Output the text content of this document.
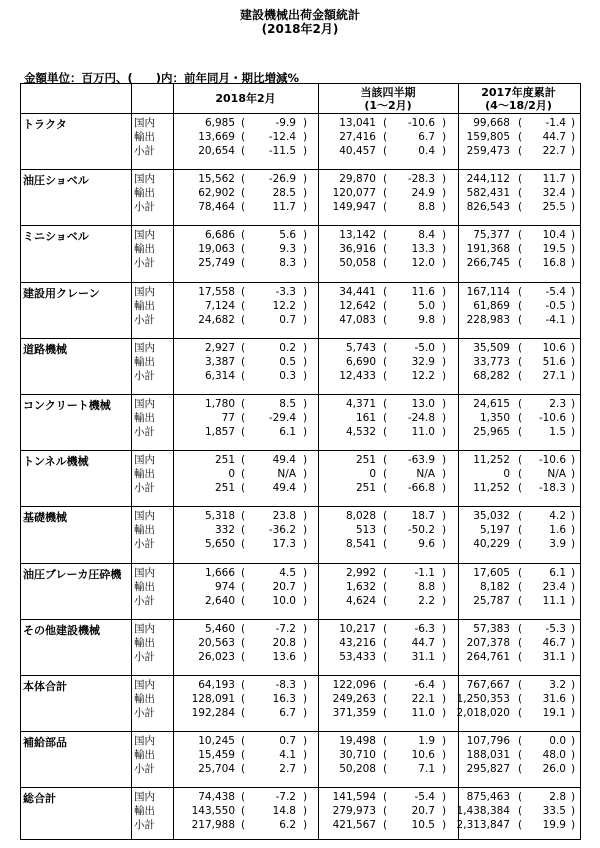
建設機械出荷金額統計
(2018年2月)
金額単位：百万円、(　　)内：前年同月・期比増減%
2018年2月	当該四半期
(1～2月)
2017年度累計
(4～18/2月)
トラクタ	国内	6,985 (	-9.9 )	13,041 ( -10.6 )	99,668 ( -1.4 )
輸出	13,669 ( -12.4 )	27,416 (	6.7 ) 159,805 ( 44.7 )
小計	20,654 ( -11.5 )	40,457 (	0.4 ) 259,473 ( 22.7 )
油圧ショベル	国内	15,562 ( -26.9 )	29,870 ( -28.3 ) 244,112 ( 11.7 )
輸出	62,902 (	28.5 ) 120,077 ( 24.9 ) 582,431 ( 32.4 )
小計	78,464 (	11.7 ) 149,947 (	8.8 ) 826,543 ( 25.5 )
ミニショベル	国内	6,686 (	5.6 )	13,142 (	8.4 )	75,377 ( 10.4 )
輸出	19,063 (	9.3 )	36,916 ( 13.3 ) 191,368 ( 19.5 )
小計	25,749 (	8.3 )	50,058 ( 12.0 ) 266,745 ( 16.8 )
建設用クレーン	国内	17,558 (	-3.3 )	34,441 ( 11.6 ) 167,114 ( -5.4 )
輸出	7,124 (	12.2 )	12,642 (	5.0 )	61,869 ( -0.5 )
小計	24,682 (	0.7 )	47,083 (	9.8 ) 228,983 ( -4.1 )
道路機械	国内	2,927 (	0.2 )	5,743 (	-5.0 )	35,509 ( 10.6 )
輸出	3,387 (	0.5 )	6,690 ( 32.9 )	33,773 ( 51.6 )
小計	6,314 (	0.3 )	12,433 ( 12.2 )	68,282 ( 27.1 )
コンクリート機械 国内	1,780 (	8.5 )	4,371 ( 13.0 )	24,615 (	2.3 )
輸出	77 ( -29.4 )	161 ( -24.8 )	1,350 ( -10.6 )
小計	1,857 (	6.1 )	4,532 ( 11.0 )	25,965 (	1.5 )
トンネル機械	国内	251 (	49.4 )	251 ( -63.9 )	11,252 ( -10.6 )
輸出	0 (	N/A )	0 (	N/A )	0 ( N/A )
小計	251 (	49.4 )	251 ( -66.8 )	11,252 ( -18.3 )
基礎機械	国内	5,318 (	23.8 )	8,028 ( 18.7 )	35,032 (	4.2 )
輸出	332 ( -36.2 )	513 ( -50.2 )	5,197 (	1.6 )
小計	5,650 (	17.3 )	8,541 (	9.6 )	40,229 (	3.9 )
油圧ブレーカ圧砕機 国内	1,666 (	4.5 )	2,992 (	-1.1 )	17,605 (	6.1 )
輸出	974 (	20.7 )	1,632 (	8.8 )	8,182 ( 23.4 )
小計	2,640 (	10.0 )	4,624 (	2.2 )	25,787 ( 11.1 )
その他建設機械	国内	5,460 (	-7.2 )	10,217 (	-6.3 )	57,383 ( -5.3 )
輸出	20,563 (	20.8 )	43,216 ( 44.7 ) 207,378 ( 46.7 )
小計	26,023 (	13.6 )	53,433 ( 31.1 ) 264,761 ( 31.1 )
本体合計	国内	64,193 (	-8.3 ) 122,096 (	-6.4 ) 767,667 (	3.2 )
輸出	128,091 (	16.3 ) 249,263 ( 22.1 ) 1,250,353 ( 31.6 )
小計	192,284 (	6.7 ) 371,359 ( 11.0 ) 2,018,020 ( 19.1 )
補給部品	国内	10,245 (	0.7 )	19,498 (	1.9 ) 107,796 (	0.0 )
輸出	15,459 (	4.1 )	30,710 ( 10.6 ) 188,031 ( 48.0 )
小計	25,704 (	2.7 )	50,208 (	7.1 ) 295,827 ( 26.0 )
総合計	国内	74,438 (	-7.2 ) 141,594 (	-5.4 ) 875,463 (	2.8 )
輸出	143,550 (	14.8 ) 279,973 ( 20.7 ) 1,438,384 ( 33.5 )
小計	217,988 (	6.2 ) 421,567 ( 10.5 ) 2,313,847 ( 19.9 )
